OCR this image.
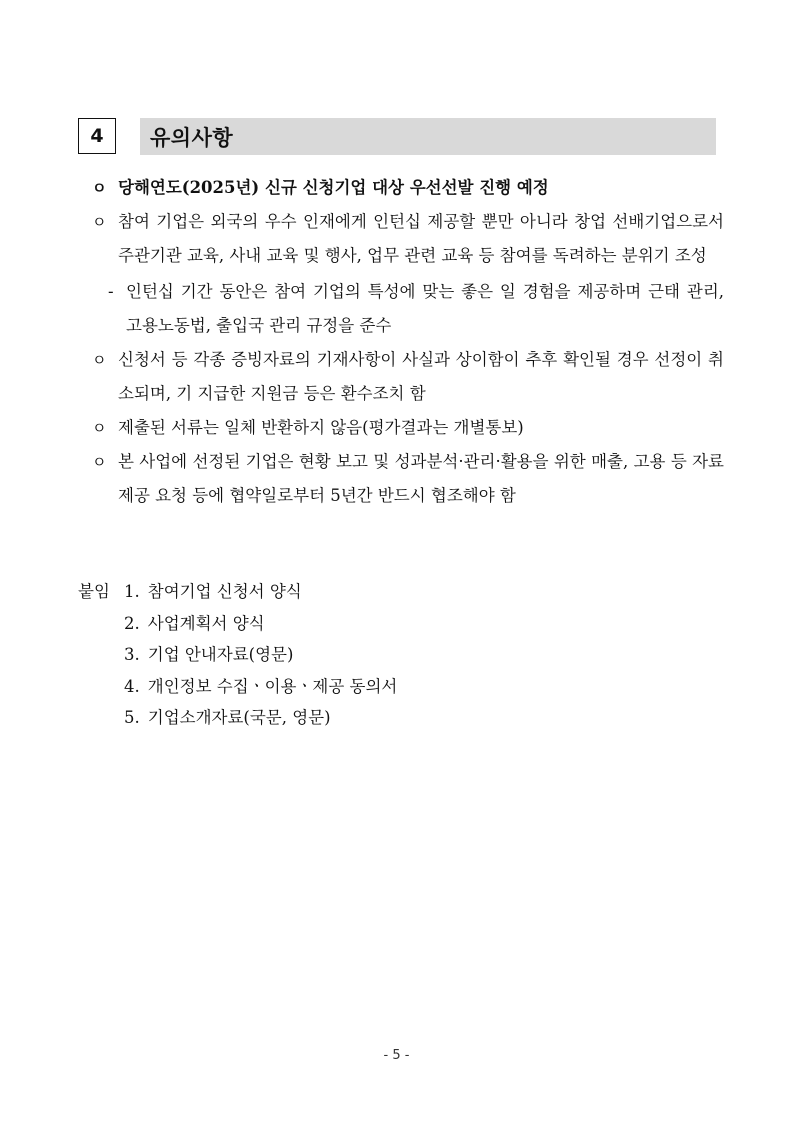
4	유의사항
ㅇ 당해연도(2025년) 신규 신청기업 대상 우선선발 진행 예정
ㅇ 참여 기업은 외국의 우수 인재에게 인턴십 제공할 뿐만 아니라 창업 선배기업으로서 주관기관 교육, 사내 교육 및 행사, 업무 관련 교육 등 참여를 독려하는 분위기 조성
- 인턴십 기간 동안은 참여 기업의 특성에 맞는 좋은 일 경험을 제공하며 근태 관리, 고용노동법, 출입국 관리 규정을 준수
ㅇ 신청서 등 각종 증빙자료의 기재사항이 사실과 상이함이 추후 확인될 경우 선정이 취소되며, 기 지급한 지원금 등은 환수조치 함
ㅇ 제출된 서류는 일체 반환하지 않음(평가결과는 개별통보)
ㅇ 본 사업에 선정된 기업은 현황 보고 및 성과분석·관리·활용을 위한 매출, 고용 등 자료 제공 요청 등에 협약일로부터 5년간 반드시 협조해야 함
붙임 1. 참여기업 신청서 양식
2. 사업계획서 양식
3. 기업 안내자료(영문)
4. 개인정보 수집ㆍ이용ㆍ제공 동의서
5. 기업소개자료(국문, 영문)
- 5 -
